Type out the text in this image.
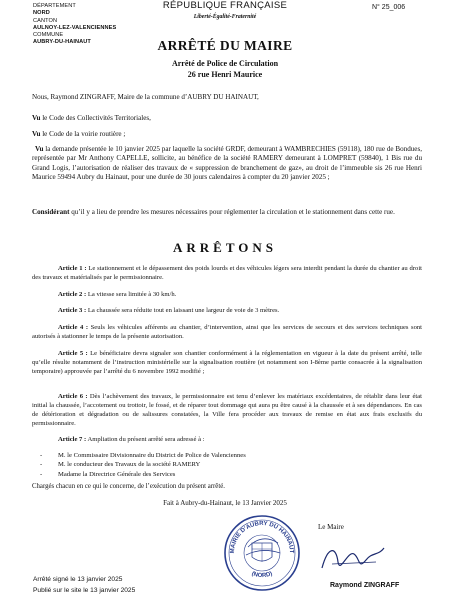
DÉPARTEMENT
NORD
CANTON
AULNOY-LEZ-VALENCIENNES
COMMUNE
AUBRY-DU-HAINAUT
RÉPUBLIQUE FRANÇAISE
Liberté-Égalité-Fraternité
N° 25_006
ARRÊTÉ DU MAIRE
Arrêté de Police de Circulation
26 rue Henri Maurice
Nous, Raymond ZINGRAFF, Maire de la commune d’AUBRY DU HAINAUT,
Vu le Code des Collectivités Territoriales,
Vu le Code de la voirie routière ;
Vu la demande présentée le 10 janvier 2025 par laquelle la société GRDF, demeurant à WAMBRECHIES (59118), 180 rue de Bondues, représentée par Mr Anthony CAPELLE, sollicite, au bénéfice de la société RAMERY demeurant à LOMPRET (59840), 1 Bis rue du Grand Logis, l’autorisation de réaliser des travaux de « suppression de branchement de gaz», au droit de l’immeuble sis 26 rue Henri Maurice 59494 Aubry du Hainaut, pour une durée de 30 jours calendaires à compter du 20 janvier 2025 ;
Considérant qu’il y a lieu de prendre les mesures nécessaires pour réglementer la circulation et le stationnement dans cette rue.
ARRÊTONS
Article 1 : Le stationnement et le dépassement des poids lourds et des véhicules légers sera interdit pendant la durée du chantier au droit des travaux et matérialisés par le permissionnaire.
Article 2 : La vitesse sera limitée à 30 km/h.
Article 3 : La chaussée sera réduite tout en laissant une largeur de voie de 3 mètres.
Article 4 : Seuls les véhicules afférents au chantier, d’intervention, ainsi que les services de secours et des services techniques sont autorisés à stationner le temps de la présente autorisation.
Article 5 : Le bénéficiaire devra signaler son chantier conformément à la réglementation en vigueur à la date du présent arrêté, telle qu’elle résulte notamment de l’instruction ministérielle sur la signalisation routière (et notamment son I-8ème partie consacrée à la signalisation temporaire) approuvée par l’arrêté du 6 novembre 1992 modifié ;
Article 6 : Dès l’achèvement des travaux, le permissionnaire est tenu d’enlever les matériaux excédentaires, de rétablir dans leur état initial la chaussée, l’accotement ou trottoir, le fossé, et de réparer tout dommage qui aura pu être causé à la chaussée et à ses dépendances. En cas de détérioration et dégradation ou de salissures constatées, la Ville fera procéder aux travaux de remise en état aux frais exclusifs du permissionnaire.
Article 7 : Ampliation du présent arrêté sera adressé à :
- M. le Commissaire Divisionnaire du District de Police de Valenciennes
- M. le conducteur des Travaux de la société RAMERY
- Madame la Directrice Générale des Services
Chargés chacun en ce qui le concerne, de l’exécution du présent arrêté.
Fait à Aubry-du-Hainaut, le 13 Janvier 2025
MAIRIE D'AUBRY DU HAINAUT
(NORD)
Le Maire
Raymond ZINGRAFF
Arrêté signé le 13 janvier 2025
Publié sur le site le 13 janvier 2025
